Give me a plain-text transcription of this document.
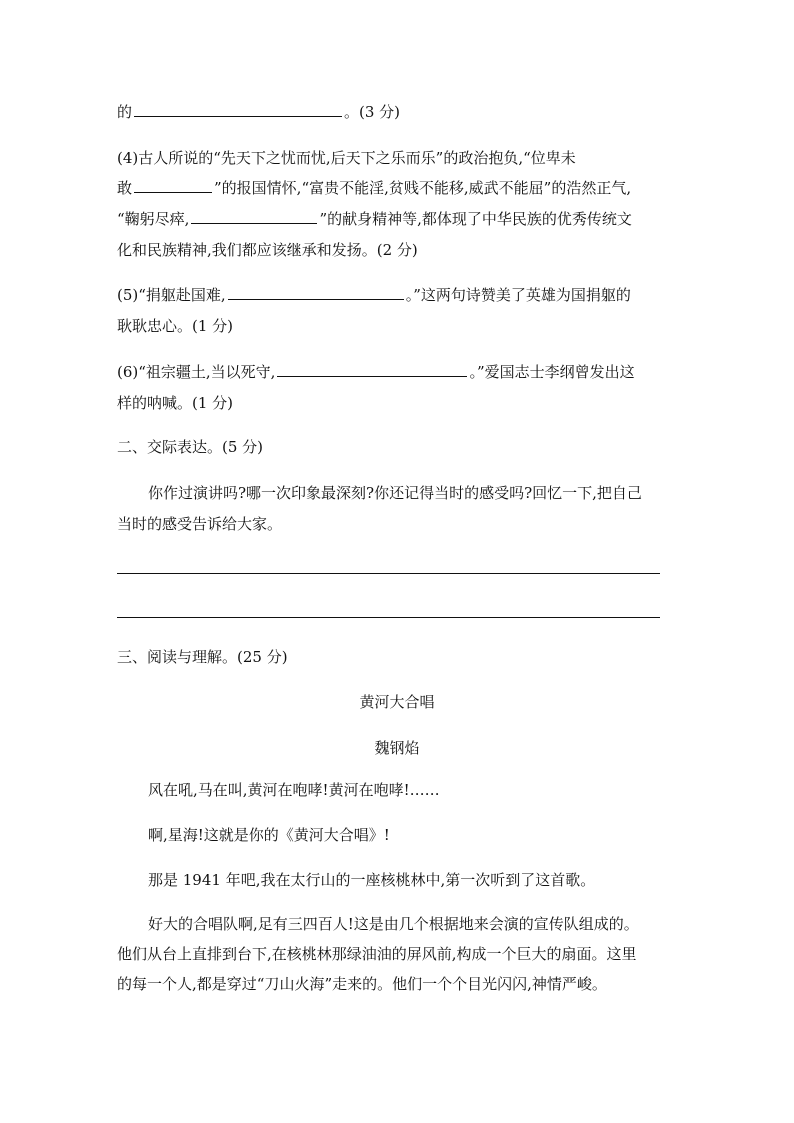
的	。(3 分)
(4)古人所说的“先天下之忧而忧,后天下之乐而乐”的政治抱负,“位卑未
敢	”的报国情怀,“富贵不能淫,贫贱不能移,威武不能屈”的浩然正气,
“鞠躬尽瘁,	”的献身精神等,都体现了中华民族的优秀传统文
化和民族精神,我们都应该继承和发扬。(2 分)
(5)“捐躯赴国难,	。”这两句诗赞美了英雄为国捐躯的
耿耿忠心。(1 分)
(6)“祖宗疆土,当以死守,	。”爱国志士李纲曾发出这
样的呐喊。(1 分)
二、交际表达。(5 分)
你作过演讲吗?哪一次印象最深刻?你还记得当时的感受吗?回忆一下,把自己
当时的感受告诉给大家。
三、阅读与理解。(25 分)
黄河大合唱
魏钢焰
风在吼,马在叫,黄河在咆哮!黄河在咆哮!……
啊,星海!这就是你的《黄河大合唱》!
那是 1941 年吧,我在太行山的一座核桃林中,第一次听到了这首歌。
好大的合唱队啊,足有三四百人!这是由几个根据地来会演的宣传队组成的。
他们从台上直排到台下,在核桃林那绿油油的屏风前,构成一个巨大的扇面。这里
的每一个人,都是穿过“刀山火海”走来的。他们一个个目光闪闪,神情严峻。
